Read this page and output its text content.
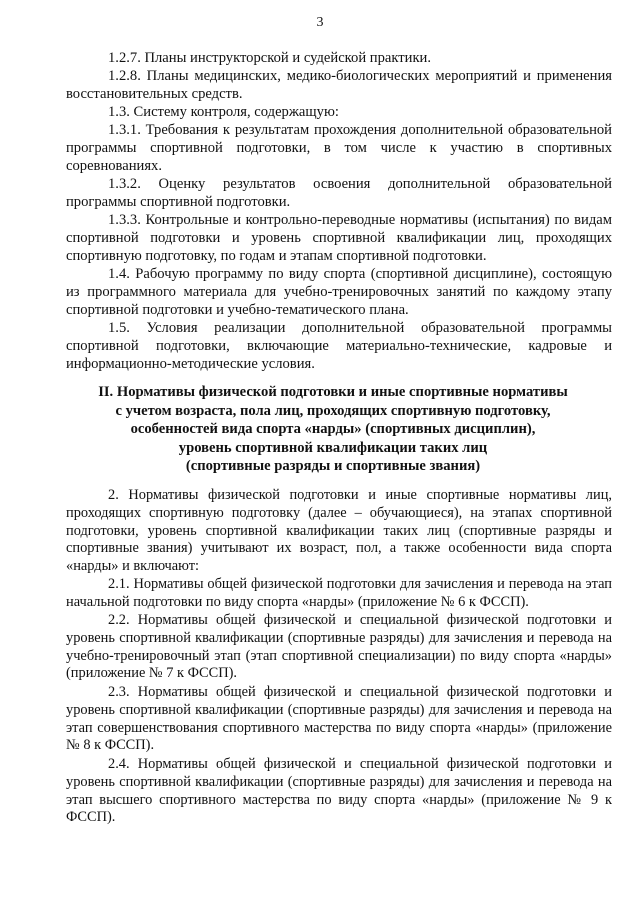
3

1.2.7. Планы инструкторской и судейской практики.

1.2.8. Планы медицинских, медико-биологических мероприятий и применения восстановительных средств.

1.3. Систему контроля, содержащую:

1.3.1. Требования к результатам прохождения дополнительной образовательной программы спортивной подготовки, в том числе к участию в спортивных соревнованиях.

1.3.2. Оценку результатов освоения дополнительной образовательной программы спортивной подготовки.

1.3.3. Контрольные и контрольно-переводные нормативы (испытания) по видам спортивной подготовки и уровень спортивной квалификации лиц, проходящих спортивную подготовку, по годам и этапам спортивной подготовки.

1.4. Рабочую программу по виду спорта (спортивной дисциплине), состоящую из программного материала для учебно-тренировочных занятий по каждому этапу спортивной подготовки и учебно-тематического плана.

1.5. Условия реализации дополнительной образовательной программы спортивной подготовки, включающие материально-технические, кадровые и информационно-методические условия.

II. Нормативы физической подготовки и иные спортивные нормативы
с учетом возраста, пола лиц, проходящих спортивную подготовку,
особенностей вида спорта «нарды» (спортивных дисциплин),
уровень спортивной квалификации таких лиц
(спортивные разряды и спортивные звания)

2. Нормативы физической подготовки и иные спортивные нормативы лиц, проходящих спортивную подготовку (далее – обучающиеся), на этапах спортивной подготовки, уровень спортивной квалификации таких лиц (спортивные разряды и спортивные звания) учитывают их возраст, пол, а также особенности вида спорта «нарды» и включают:

2.1. Нормативы общей физической подготовки для зачисления и перевода на этап начальной подготовки по виду спорта «нарды» (приложение № 6 к ФССП).

2.2. Нормативы общей физической и специальной физической подготовки и уровень спортивной квалификации (спортивные разряды) для зачисления и перевода на учебно-тренировочный этап (этап спортивной специализации) по виду спорта «нарды» (приложение № 7 к ФССП).

2.3. Нормативы общей физической и специальной физической подготовки и уровень спортивной квалификации (спортивные разряды) для зачисления и перевода на этап совершенствования спортивного мастерства по виду спорта «нарды» (приложение № 8 к ФССП).

2.4. Нормативы общей физической и специальной физической подготовки и уровень спортивной квалификации (спортивные разряды) для зачисления и перевода на этап высшего спортивного мастерства по виду спорта «нарды» (приложение № 9 к ФССП).
